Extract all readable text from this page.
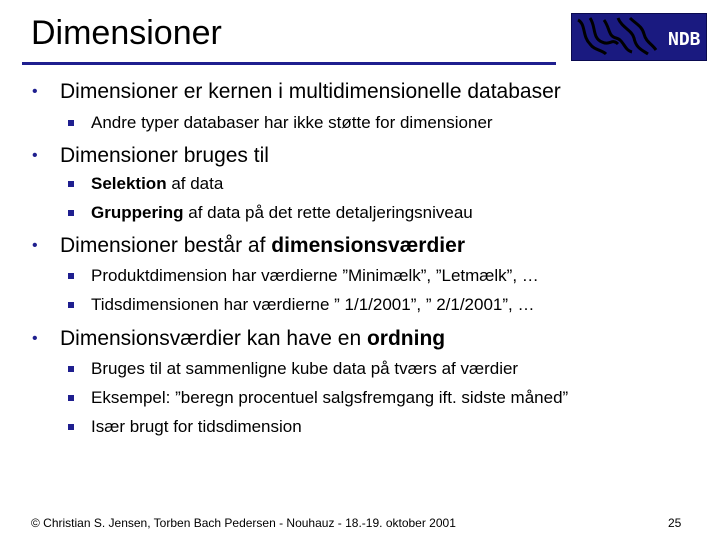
Dimensioner	NDB
• Dimensioner er kernen i multidimensionelle databaser
Andre typer databaser har ikke støtte for dimensioner
• Dimensioner bruges til
Selektion af data
Gruppering af data på det rette detaljeringsniveau
• Dimensioner består af dimensionsværdier
Produktdimension har værdierne ”Minimælk”, ”Letmælk”, …
Tidsdimensionen har værdierne ” 1/1/2001”, ” 2/1/2001”, …
• Dimensionsværdier kan have en ordning
Bruges til at sammenligne kube data på tværs af værdier
Eksempel: ”beregn procentuel salgsfremgang ift. sidste måned”
Især brugt for tidsdimension
© Christian S. Jensen, Torben Bach Pedersen - Nouhauz - 18.-19. oktober 2001	25
